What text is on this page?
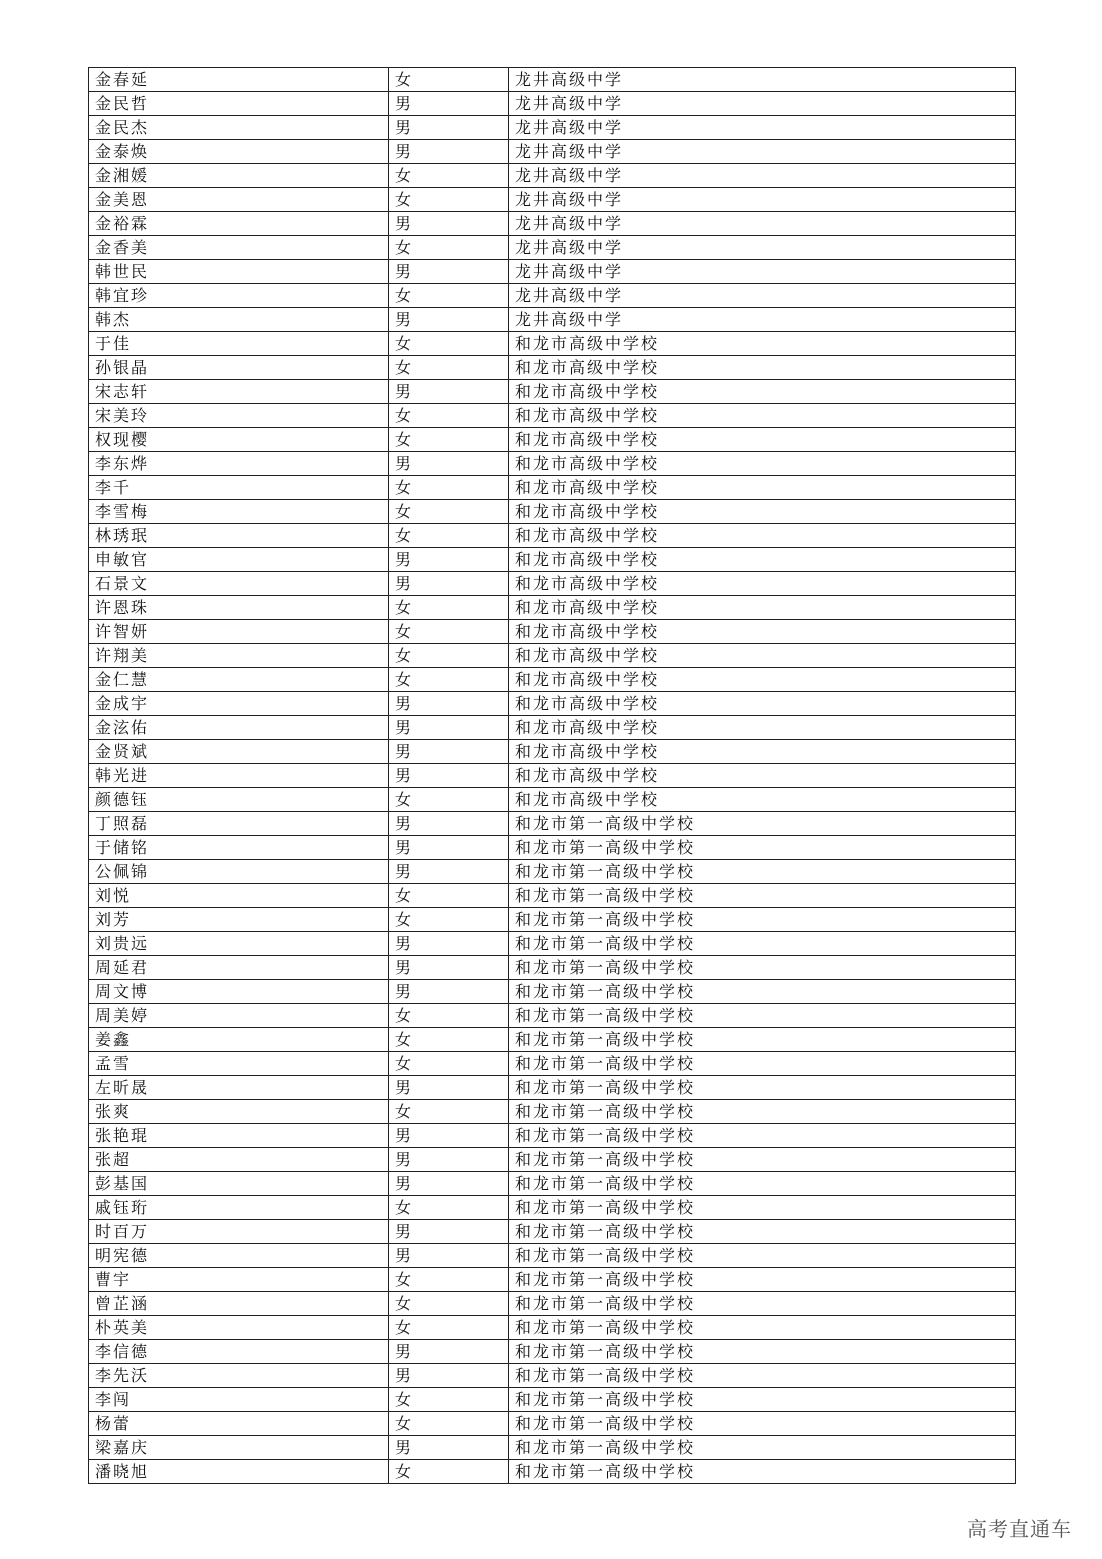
金春延	女	龙井高级中学
金民哲	男	龙井高级中学
金民杰	男	龙井高级中学
金泰焕	男	龙井高级中学
金湘媛	女	龙井高级中学
金美恩	女	龙井高级中学
金裕霖	男	龙井高级中学
金香美	女	龙井高级中学
韩世民	男	龙井高级中学
韩宜珍	女	龙井高级中学
韩杰	男	龙井高级中学
于佳	女	和龙市高级中学校
孙银晶	女	和龙市高级中学校
宋志轩	男	和龙市高级中学校
宋美玲	女	和龙市高级中学校
权现樱	女	和龙市高级中学校
李东烨	男	和龙市高级中学校
李千	女	和龙市高级中学校
李雪梅	女	和龙市高级中学校
林琇珉	女	和龙市高级中学校
申敏官	男	和龙市高级中学校
石景文	男	和龙市高级中学校
许恩珠	女	和龙市高级中学校
许智妍	女	和龙市高级中学校
许翔美	女	和龙市高级中学校
金仁慧	女	和龙市高级中学校
金成宇	男	和龙市高级中学校
金泫佑	男	和龙市高级中学校
金贤斌	男	和龙市高级中学校
韩光进	男	和龙市高级中学校
颜德钰	女	和龙市高级中学校
丁照磊	男	和龙市第一高级中学校
于储铭	男	和龙市第一高级中学校
公佩锦	男	和龙市第一高级中学校
刘悦	女	和龙市第一高级中学校
刘芳	女	和龙市第一高级中学校
刘贵远	男	和龙市第一高级中学校
周延君	男	和龙市第一高级中学校
周文博	男	和龙市第一高级中学校
周美婷	女	和龙市第一高级中学校
姜鑫	女	和龙市第一高级中学校
孟雪	女	和龙市第一高级中学校
左昕晟	男	和龙市第一高级中学校
张爽	女	和龙市第一高级中学校
张艳琨	男	和龙市第一高级中学校
张超	男	和龙市第一高级中学校
彭基国	男	和龙市第一高级中学校
戚钰珩	女	和龙市第一高级中学校
时百万	男	和龙市第一高级中学校
明宪德	男	和龙市第一高级中学校
曹宇	女	和龙市第一高级中学校
曾芷涵	女	和龙市第一高级中学校
朴英美	女	和龙市第一高级中学校
李信德	男	和龙市第一高级中学校
李先沃	男	和龙市第一高级中学校
李闯	女	和龙市第一高级中学校
杨蕾	女	和龙市第一高级中学校
梁嘉庆	男	和龙市第一高级中学校
潘晓旭	女	和龙市第一高级中学校
高考直通车
